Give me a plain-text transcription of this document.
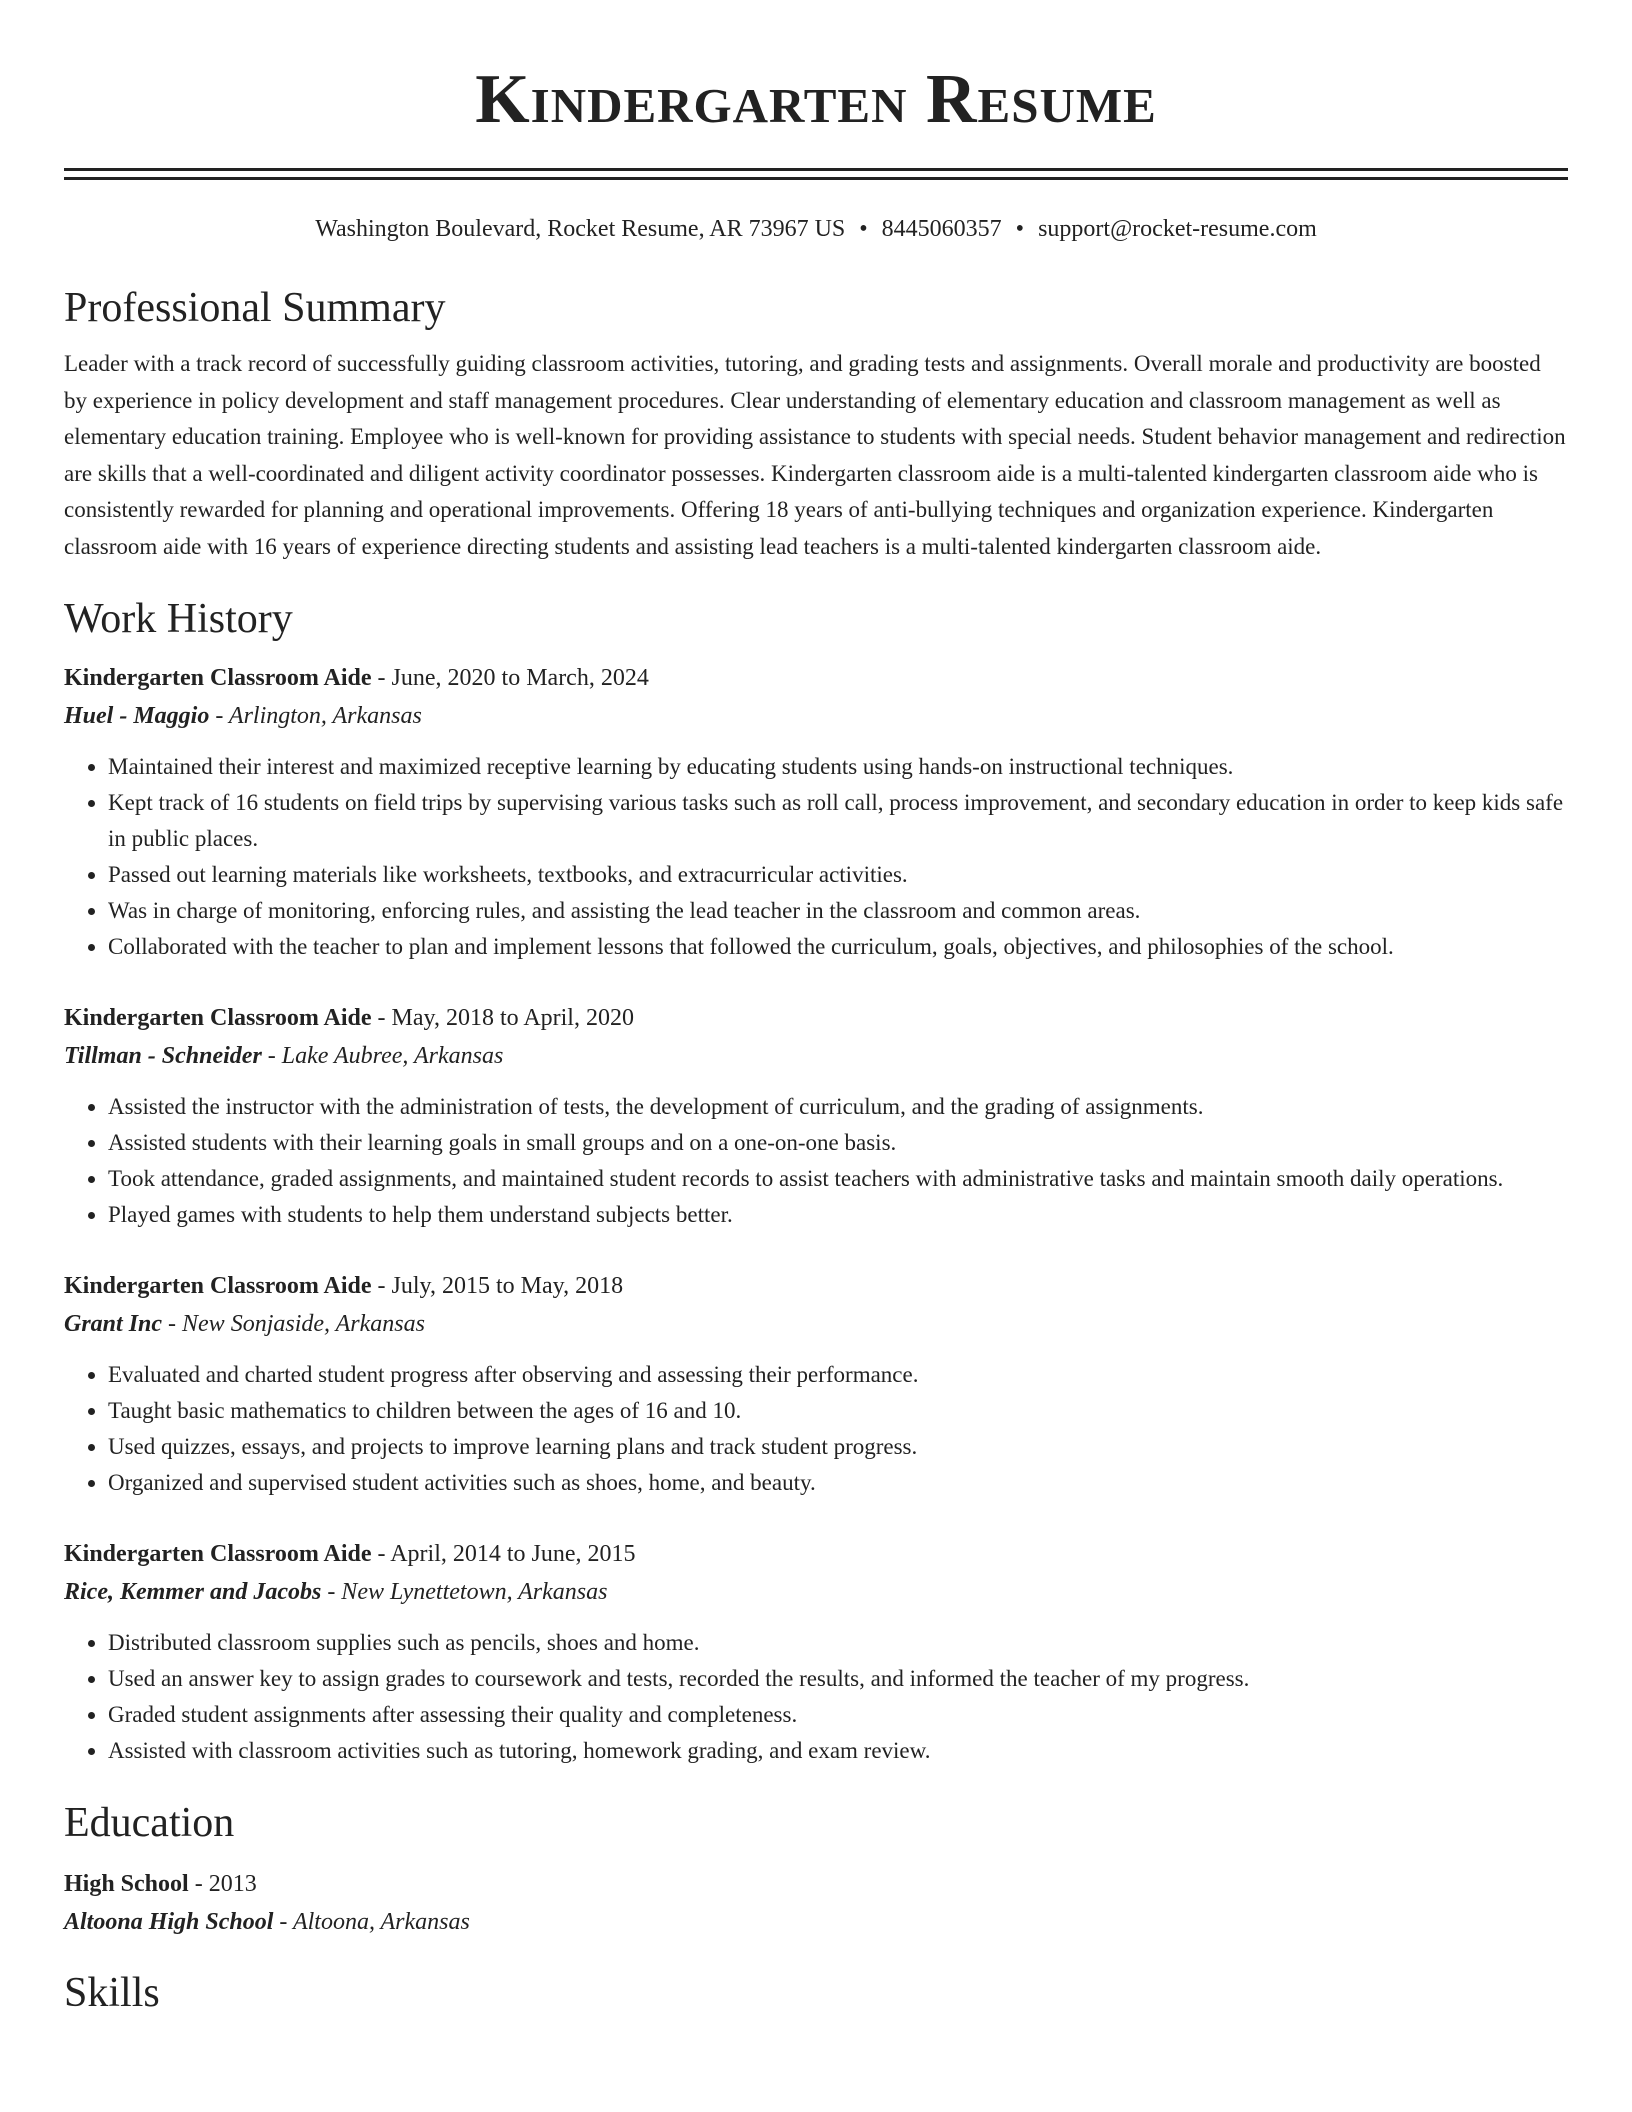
Kindergarten Resume
Washington Boulevard, Rocket Resume, AR 73967 US • 8445060357 • support@rocket-resume.com
Professional Summary
Leader with a track record of successfully guiding classroom activities, tutoring, and grading tests and assignments. Overall morale and productivity are boosted by experience in policy development and staff management procedures. Clear understanding of elementary education and classroom management as well as elementary education training. Employee who is well-known for providing assistance to students with special needs. Student behavior management and redirection are skills that a well-coordinated and diligent activity coordinator possesses. Kindergarten classroom aide is a multi-talented kindergarten classroom aide who is consistently rewarded for planning and operational improvements. Offering 18 years of anti-bullying techniques and organization experience. Kindergarten classroom aide with 16 years of experience directing students and assisting lead teachers is a multi-talented kindergarten classroom aide.
Work History
Kindergarten Classroom Aide - June, 2020 to March, 2024
Huel - Maggio - Arlington, Arkansas
• Maintained their interest and maximized receptive learning by educating students using hands-on instructional techniques.
• Kept track of 16 students on field trips by supervising various tasks such as roll call, process improvement, and secondary education in order to keep kids safe in public places.
• Passed out learning materials like worksheets, textbooks, and extracurricular activities.
• Was in charge of monitoring, enforcing rules, and assisting the lead teacher in the classroom and common areas.
• Collaborated with the teacher to plan and implement lessons that followed the curriculum, goals, objectives, and philosophies of the school.
Kindergarten Classroom Aide - May, 2018 to April, 2020
Tillman - Schneider - Lake Aubree, Arkansas
• Assisted the instructor with the administration of tests, the development of curriculum, and the grading of assignments.
• Assisted students with their learning goals in small groups and on a one-on-one basis.
• Took attendance, graded assignments, and maintained student records to assist teachers with administrative tasks and maintain smooth daily operations.
• Played games with students to help them understand subjects better.
Kindergarten Classroom Aide - July, 2015 to May, 2018
Grant Inc - New Sonjaside, Arkansas
• Evaluated and charted student progress after observing and assessing their performance.
• Taught basic mathematics to children between the ages of 16 and 10.
• Used quizzes, essays, and projects to improve learning plans and track student progress.
• Organized and supervised student activities such as shoes, home, and beauty.
Kindergarten Classroom Aide - April, 2014 to June, 2015
Rice, Kemmer and Jacobs - New Lynettetown, Arkansas
• Distributed classroom supplies such as pencils, shoes and home.
• Used an answer key to assign grades to coursework and tests, recorded the results, and informed the teacher of my progress.
• Graded student assignments after assessing their quality and completeness.
• Assisted with classroom activities such as tutoring, homework grading, and exam review.
Education
High School - 2013
Altoona High School - Altoona, Arkansas
Skills
